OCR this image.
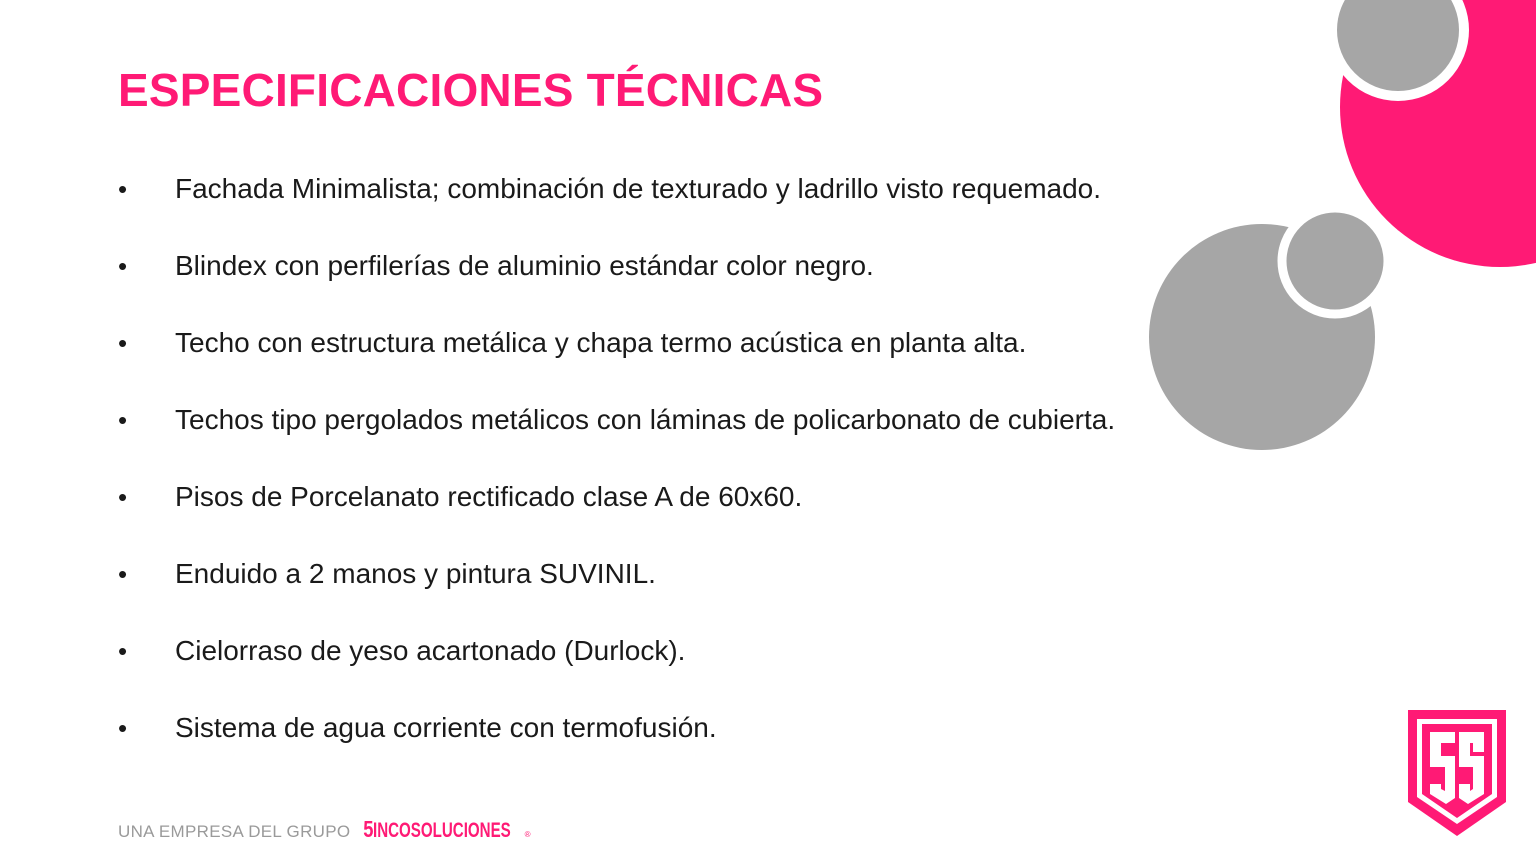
ESPECIFICACIONES TÉCNICAS
•	Fachada Minimalista; combinación de texturado y ladrillo visto requemado.
•	Blindex con perfilerías de aluminio estándar color negro.
•	Techo con estructura metálica y chapa termo acústica en planta alta.
•	Techos tipo pergolados metálicos con láminas de policarbonato de cubierta.
•	Pisos de Porcelanato rectificado clase A de 60x60.
•	Enduido a 2 manos y pintura SUVINIL.
•	Cielorraso de yeso acartonado (Durlock).
•	Sistema de agua corriente con termofusión.
UNA EMPRESA DEL GRUPO 5 INCOSOLUCIONES ®
